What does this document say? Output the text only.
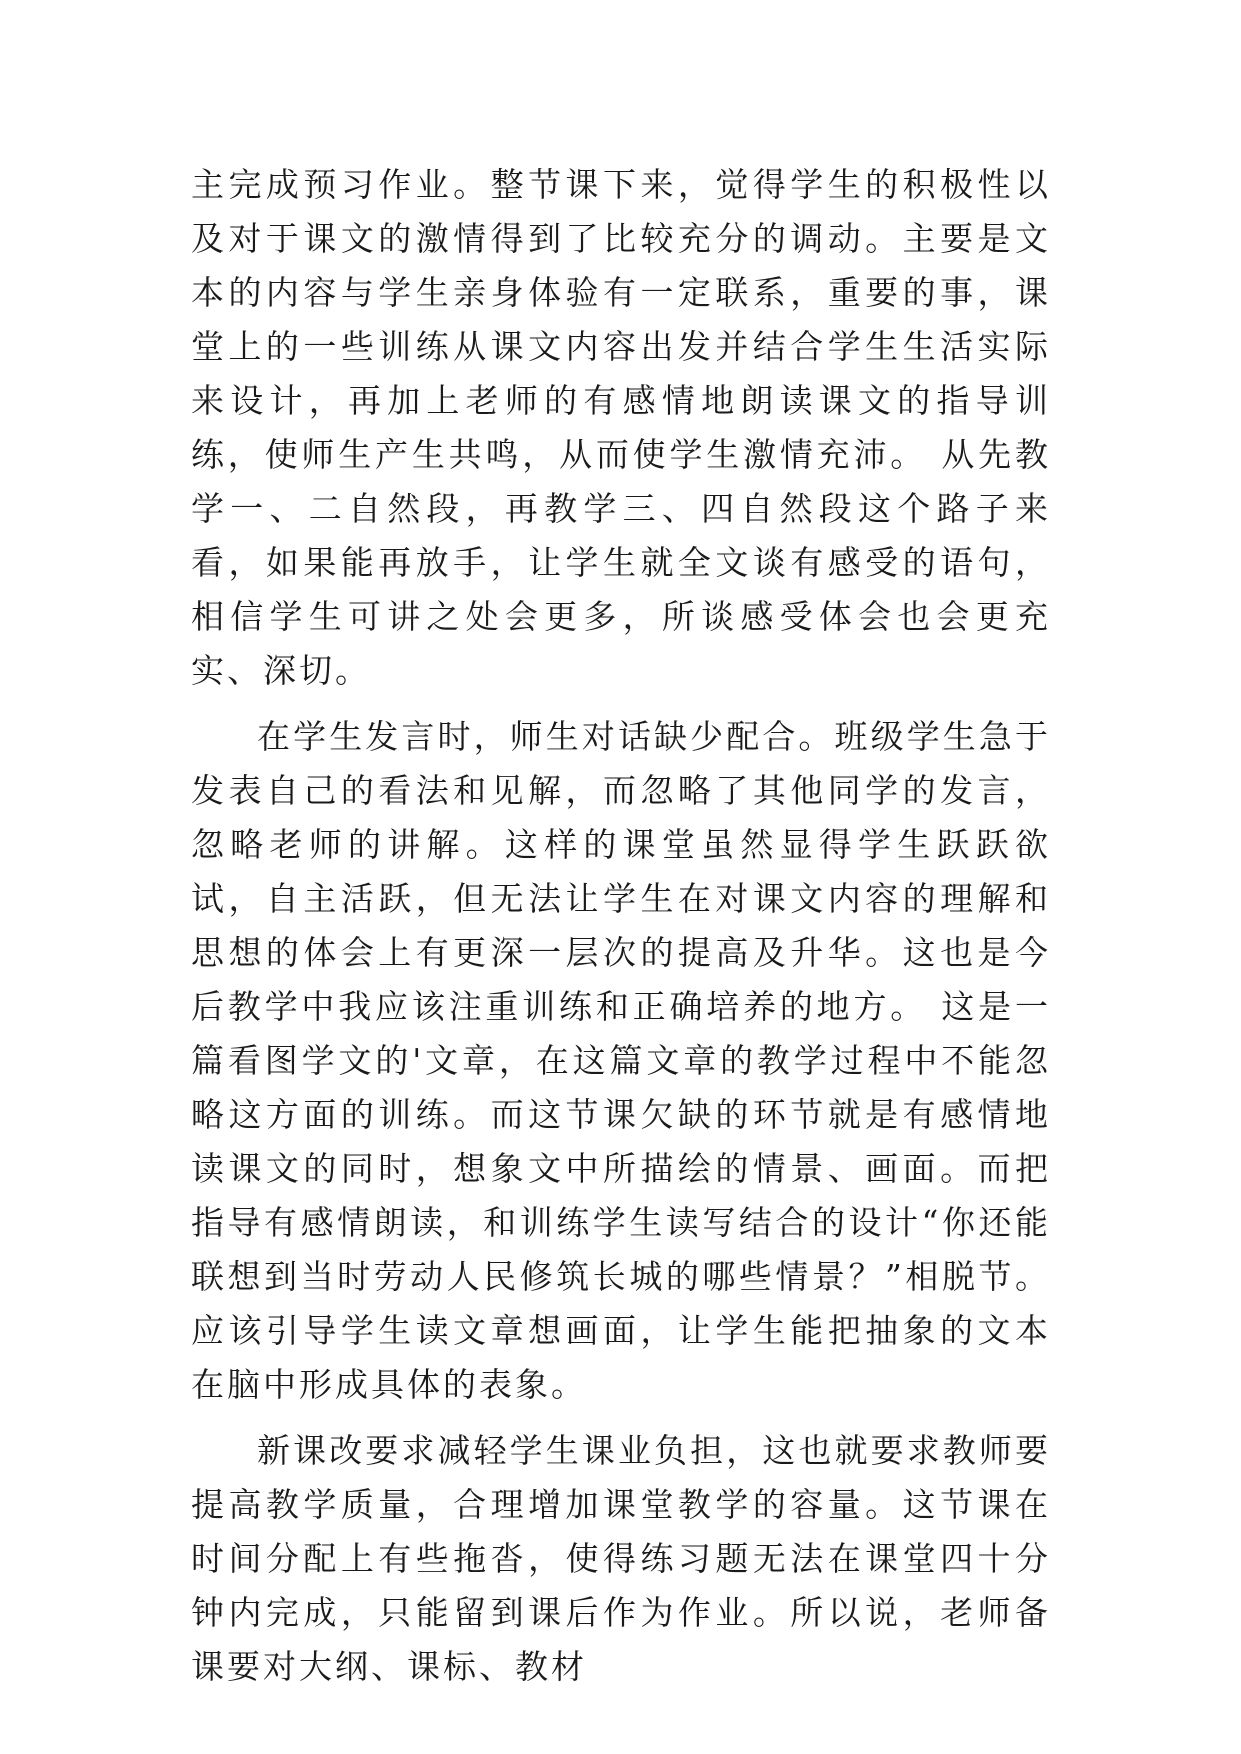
主完成预习作业。整节课下来，觉得学生的积极性以及对于课文的激情得到了比较充分的调动。主要是文本的内容与学生亲身体验有一定联系，重要的事，课堂上的一些训练从课文内容出发并结合学生生活实际来设计，再加上老师的有感情地朗读课文的指导训练，使师生产生共鸣，从而使学生激情充沛。 从先教学一、二自然段，再教学三、四自然段这个路子来看，如果能再放手，让学生就全文谈有感受的语句，相信学生可讲之处会更多，所谈感受体会也会更充实、深切。

在学生发言时，师生对话缺少配合。班级学生急于发表自己的看法和见解，而忽略了其他同学的发言，忽略老师的讲解。这样的课堂虽然显得学生跃跃欲试，自主活跃，但无法让学生在对课文内容的理解和思想的体会上有更深一层次的提高及升华。这也是今后教学中我应该注重训练和正确培养的地方。 这是一篇看图学文的'文章，在这篇文章的教学过程中不能忽略这方面的训练。而这节课欠缺的环节就是有感情地读课文的同时，想象文中所描绘的情景、画面。而把指导有感情朗读，和训练学生读写结合的设计“你还能联想到当时劳动人民修筑长城的哪些情景？”相脱节。应该引导学生读文章想画面，让学生能把抽象的文本在脑中形成具体的表象。

新课改要求减轻学生课业负担，这也就要求教师要提高教学质量，合理增加课堂教学的容量。这节课在时间分配上有些拖沓，使得练习题无法在课堂四十分钟内完成，只能留到课后作为作业。所以说，老师备课要对大纲、课标、教材
